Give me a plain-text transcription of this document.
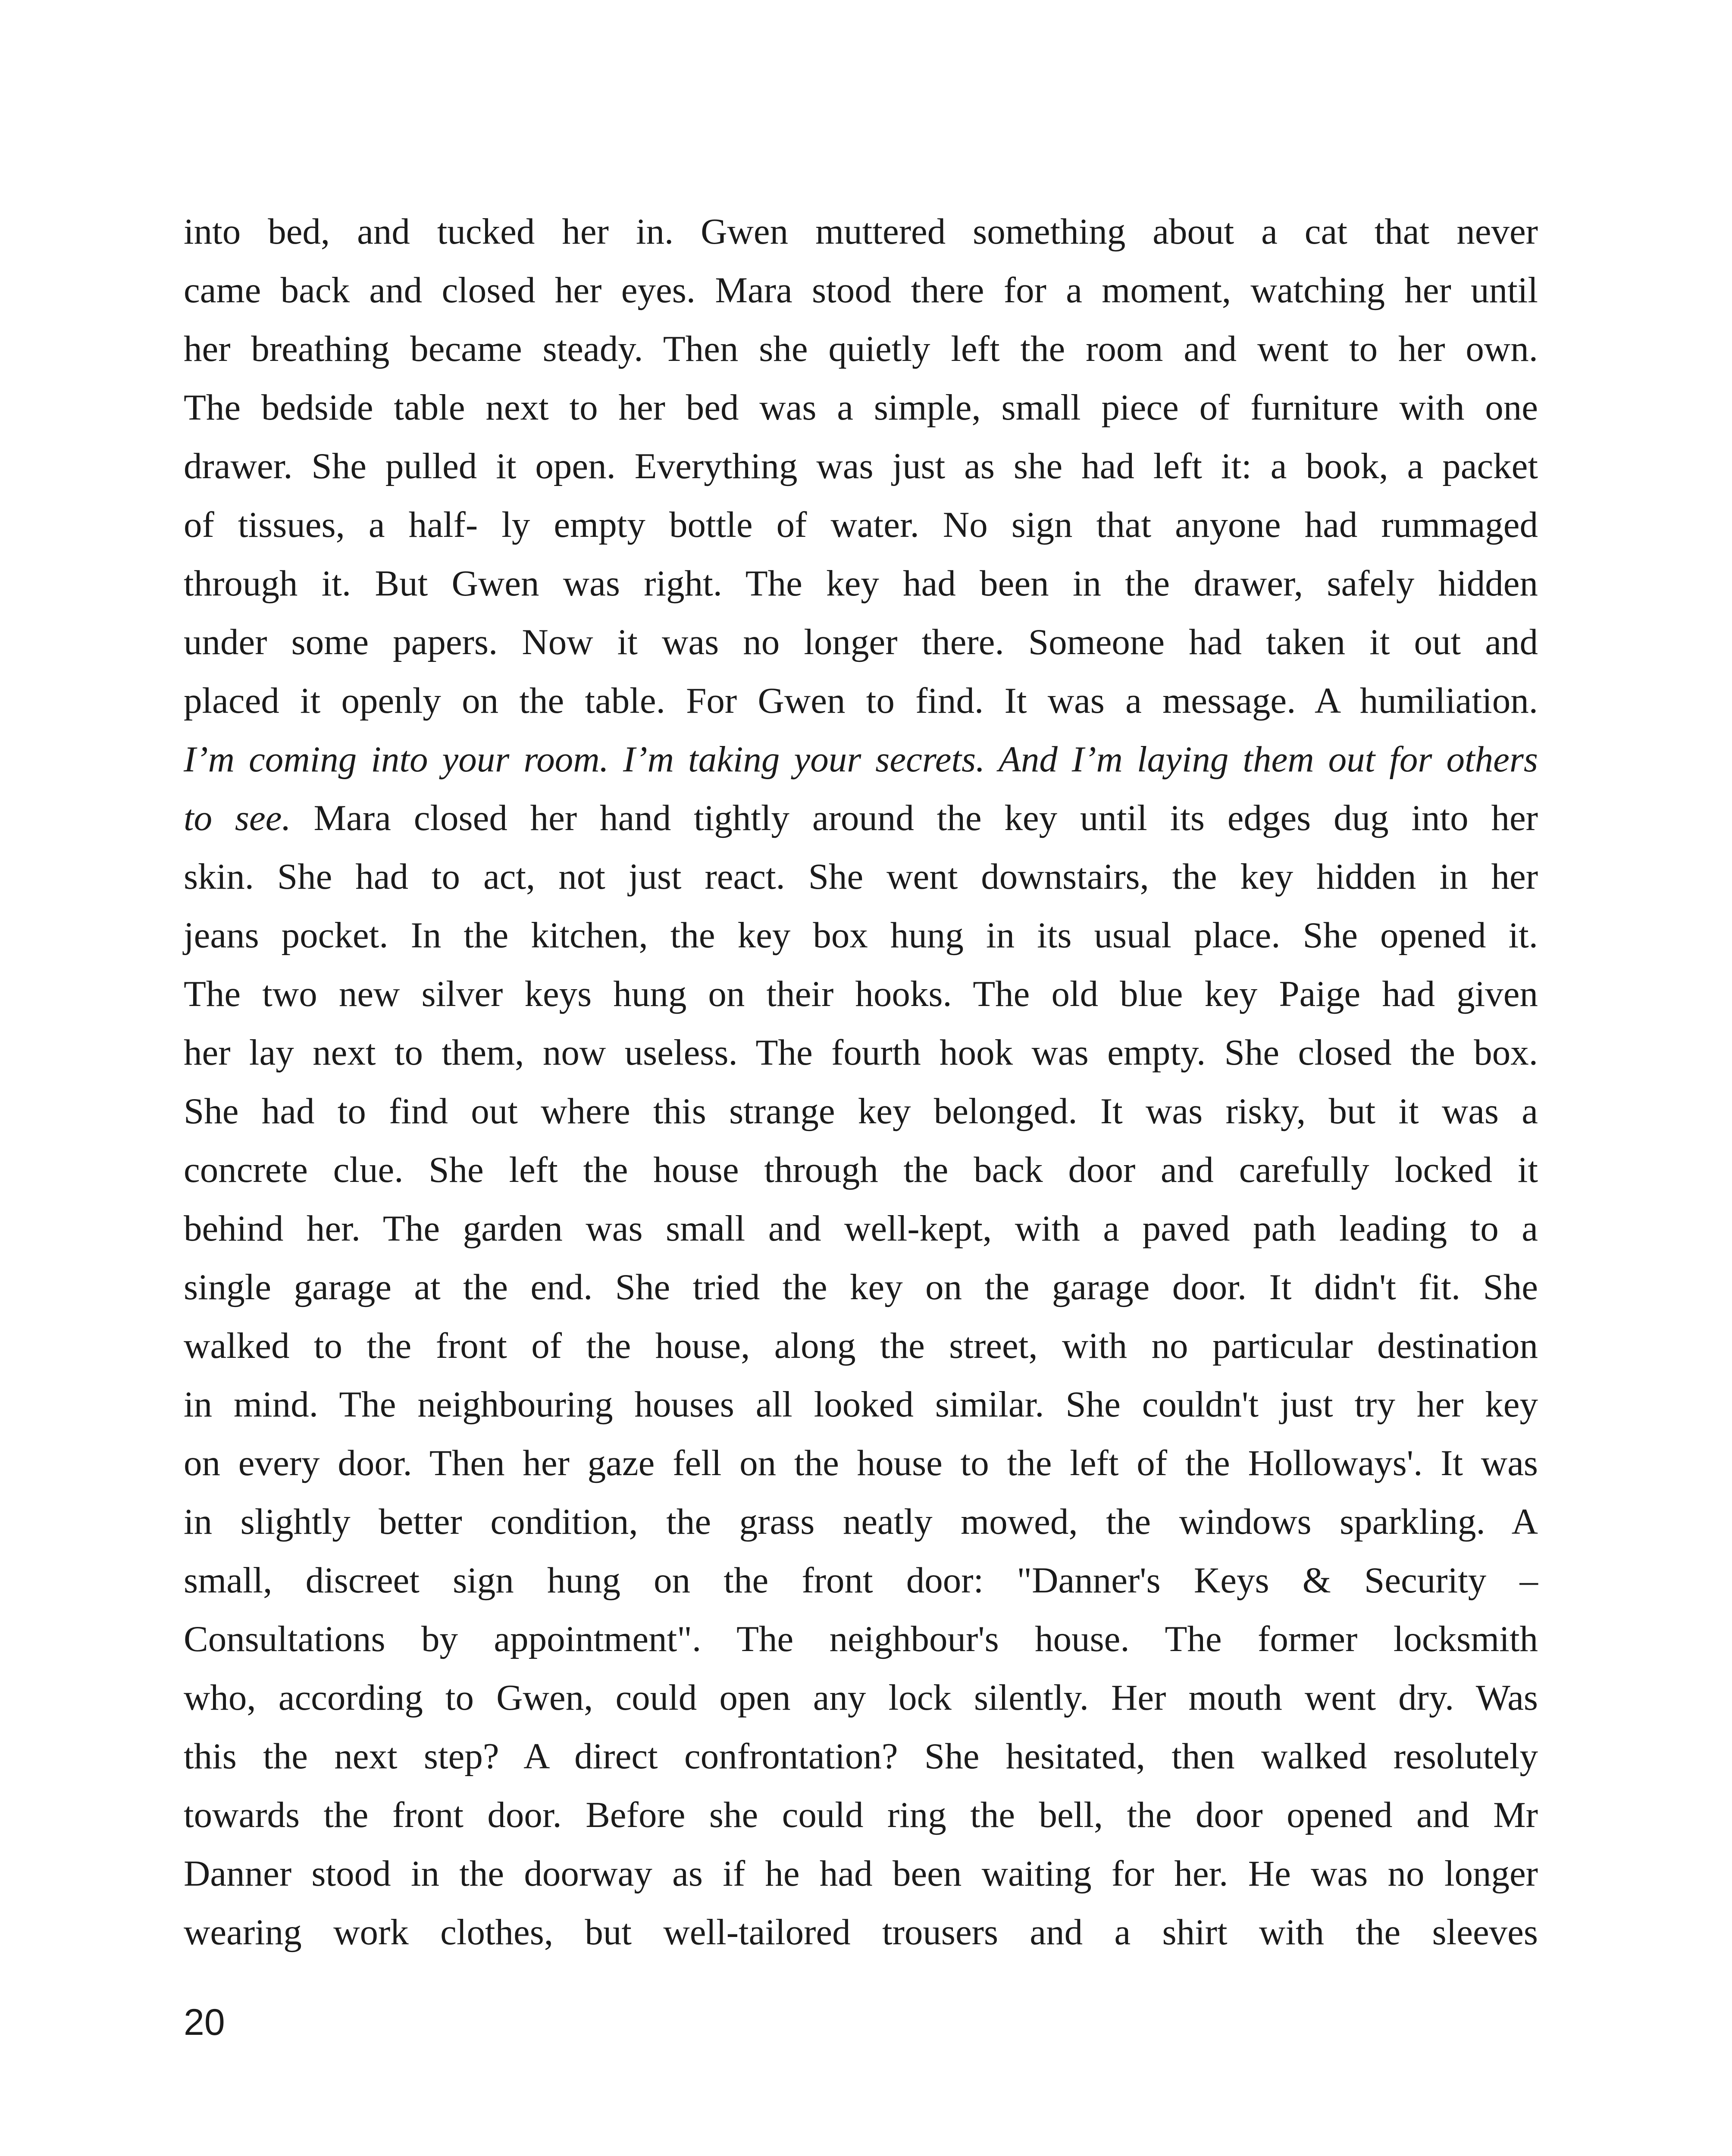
into bed, and tucked her in. Gwen muttered something about a cat that never
came back and closed her eyes. Mara stood there for a moment, watching her until
her breathing became steady. Then she quietly left the room and went to her own.
The bedside table next to her bed was a simple, small piece of furniture with one
drawer. She pulled it open. Everything was just as she had left it: a book, a packet
of tissues, a half- ly empty bottle of water. No sign that anyone had rummaged
through it. But Gwen was right. The key had been in the drawer, safely hidden
under some papers. Now it was no longer there. Someone had taken it out and
placed it openly on the table. For Gwen to find. It was a message. A humiliation.
I’m coming into your room. I’m taking your secrets. And I’m laying them out for others
to see. Mara closed her hand tightly around the key until its edges dug into her
skin. She had to act, not just react. She went downstairs, the key hidden in her
jeans pocket. In the kitchen, the key box hung in its usual place. She opened it.
The two new silver keys hung on their hooks. The old blue key Paige had given
her lay next to them, now useless. The fourth hook was empty. She closed the box.
She had to find out where this strange key belonged. It was risky, but it was a
concrete clue. She left the house through the back door and carefully locked it
behind her. The garden was small and well-kept, with a paved path leading to a
single garage at the end. She tried the key on the garage door. It didn't fit. She
walked to the front of the house, along the street, with no particular destination
in mind. The neighbouring houses all looked similar. She couldn't just try her key
on every door. Then her gaze fell on the house to the left of the Holloways'. It was
in slightly better condition, the grass neatly mowed, the windows sparkling. A
small, discreet sign hung on the front door: "Danner's Keys & Security –
Consultations by appointment". The neighbour's house. The former locksmith
who, according to Gwen, could open any lock silently. Her mouth went dry. Was
this the next step? A direct confrontation? She hesitated, then walked resolutely
towards the front door. Before she could ring the bell, the door opened and Mr
Danner stood in the doorway as if he had been waiting for her. He was no longer
wearing work clothes, but well-tailored trousers and a shirt with the sleeves
20
